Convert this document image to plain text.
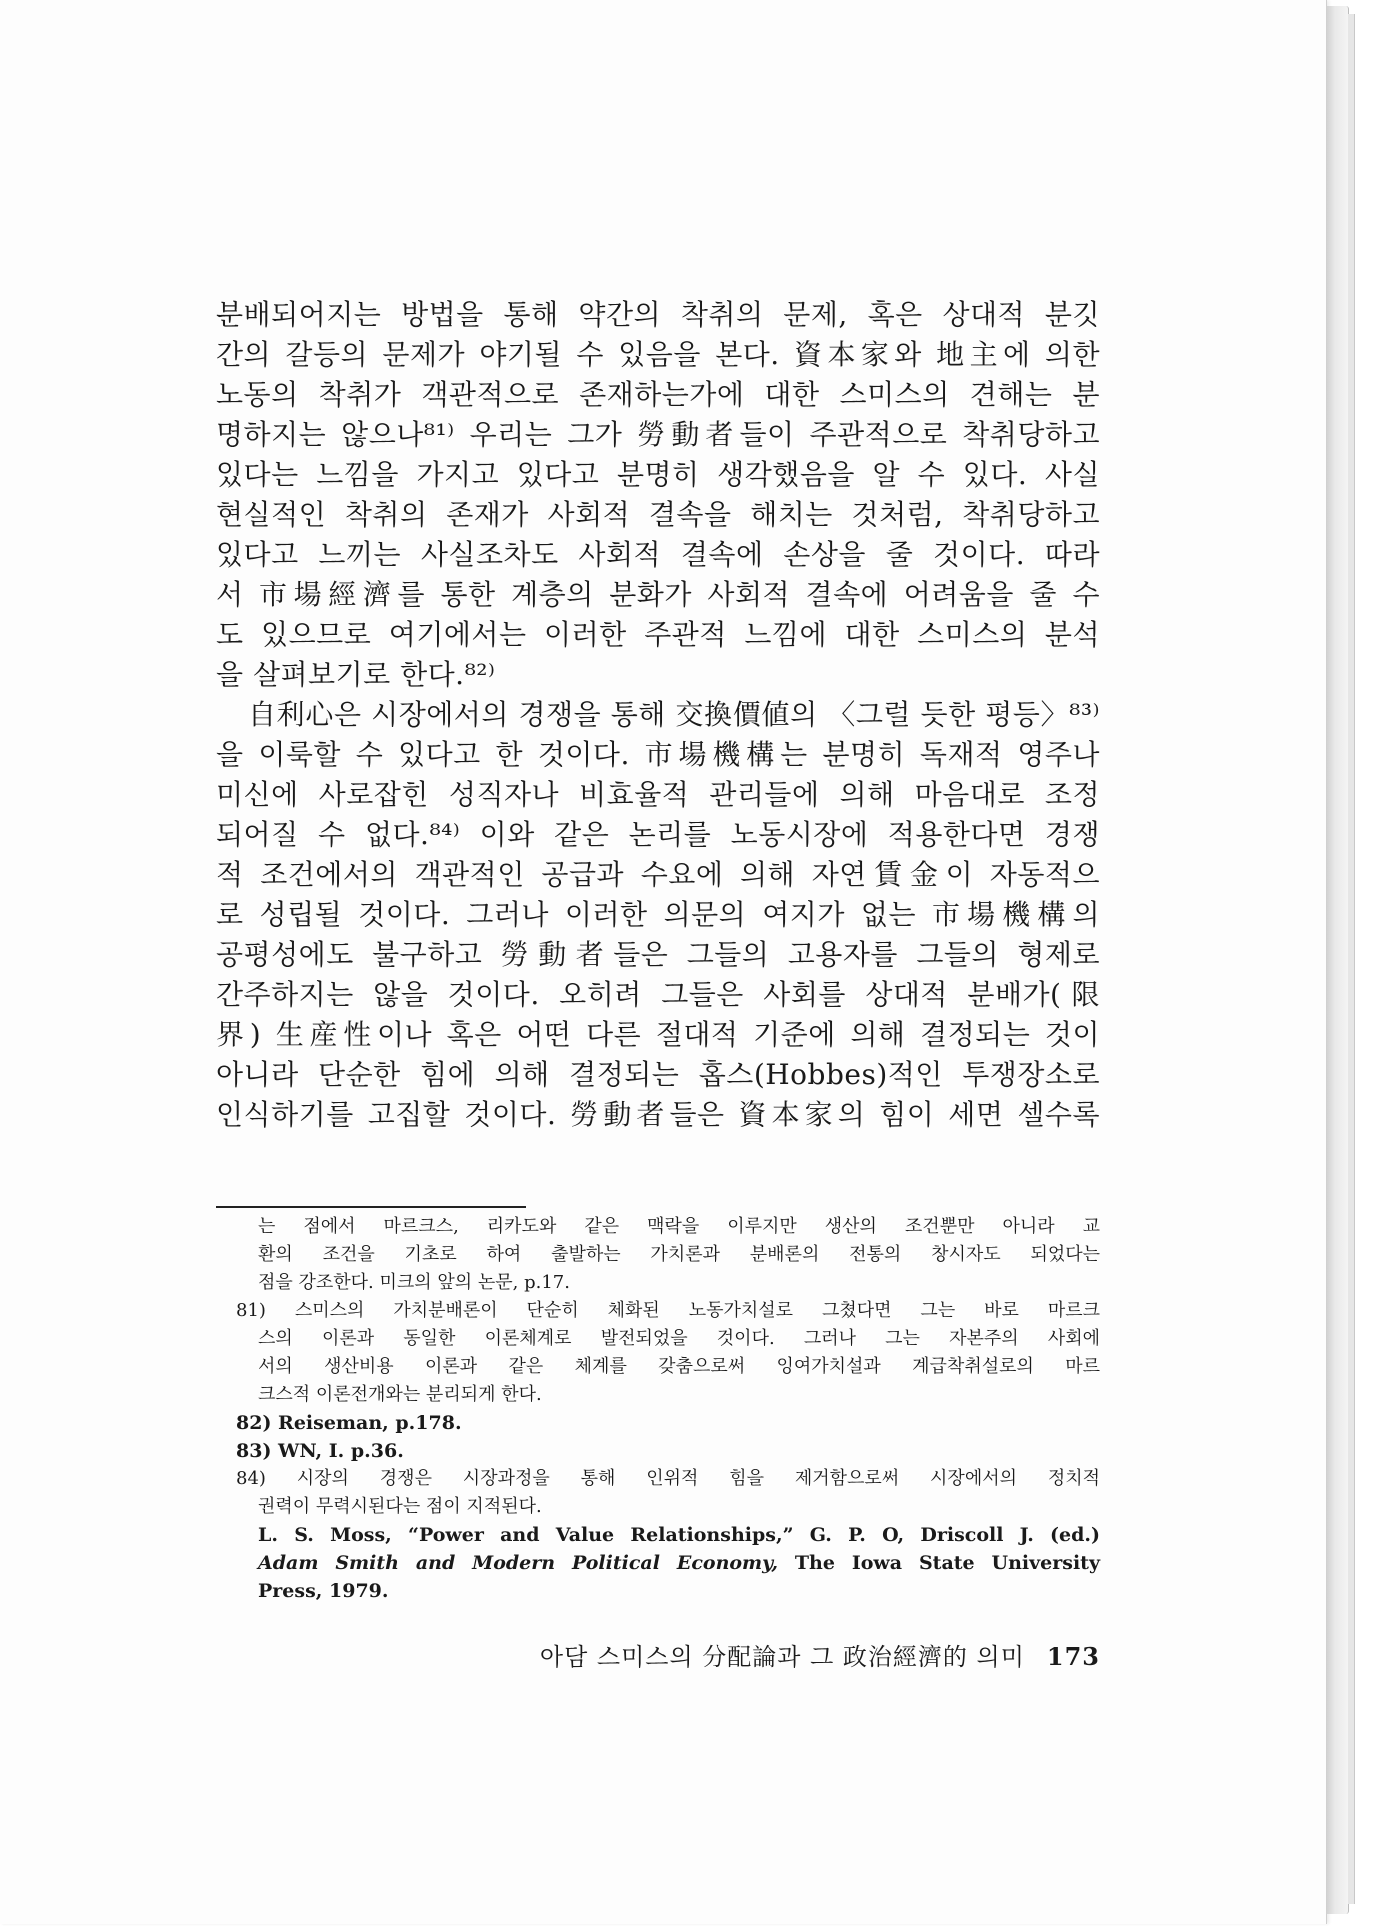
분배되어지는 방법을 통해 약간의 착취의 문제, 혹은 상대적 분깃
간의 갈등의 문제가 야기될 수 있음을 본다. 資本家와 地主에 의한
노동의 착취가 객관적으로 존재하는가에 대한 스미스의 견해는 분
명하지는 않으나⁸¹⁾ 우리는 그가 勞動者들이 주관적으로 착취당하고
있다는 느낌을 가지고 있다고 분명히 생각했음을 알 수 있다. 사실
현실적인 착취의 존재가 사회적 결속을 해치는 것처럼, 착취당하고
있다고 느끼는 사실조차도 사회적 결속에 손상을 줄 것이다. 따라
서 市場經濟를 통한 계층의 분화가 사회적 결속에 어려움을 줄 수
도 있으므로 여기에서는 이러한 주관적 느낌에 대한 스미스의 분석
을 살펴보기로 한다.⁸²⁾
自利心은 시장에서의 경쟁을 통해 交換價値의 〈그럴 듯한 평등〉⁸³⁾
을 이룩할 수 있다고 한 것이다. 市場機構는 분명히 독재적 영주나
미신에 사로잡힌 성직자나 비효율적 관리들에 의해 마음대로 조정
되어질 수 없다.⁸⁴⁾ 이와 같은 논리를 노동시장에 적용한다면 경쟁
적 조건에서의 객관적인 공급과 수요에 의해 자연賃金이 자동적으
로 성립될 것이다. 그러나 이러한 의문의 여지가 없는 市場機構의
공평성에도 불구하고 勞動者들은 그들의 고용자를 그들의 형제로
간주하지는 않을 것이다. 오히려 그들은 사회를 상대적 분배가(限
界) 生産性이나 혹은 어떤 다른 절대적 기준에 의해 결정되는 것이
아니라 단순한 힘에 의해 결정되는 홉스(Hobbes)적인 투쟁장소로
인식하기를 고집할 것이다. 勞動者들은 資本家의 힘이 세면 셀수록
는 점에서 마르크스, 리카도와 같은 맥락을 이루지만 생산의 조건뿐만 아니라 교
환의 조건을 기초로 하여 출발하는 가치론과 분배론의 전통의 창시자도 되었다는
점을 강조한다. 미크의 앞의 논문, p.17.
81) 스미스의 가치분배론이 단순히 체화된 노동가치설로 그쳤다면 그는 바로 마르크
스의 이론과 동일한 이론체계로 발전되었을 것이다. 그러나 그는 자본주의 사회에
서의 생산비용 이론과 같은 체계를 갖춤으로써 잉여가치설과 계급착취설로의 마르
크스적 이론전개와는 분리되게 한다.
82) Reiseman, p.178.
83) WN, I. p.36.
84) 시장의 경쟁은 시장과정을 통해 인위적 힘을 제거함으로써 시장에서의 정치적
권력이 무력시된다는 점이 지적된다.
L. S. Moss, “Power and Value Relationships,” G. P. O, Driscoll J. (ed.)
Adam Smith and Modern Political Economy, The Iowa State University
Press, 1979.
아담 스미스의 分配論과 그 政治經濟的 의미 173
